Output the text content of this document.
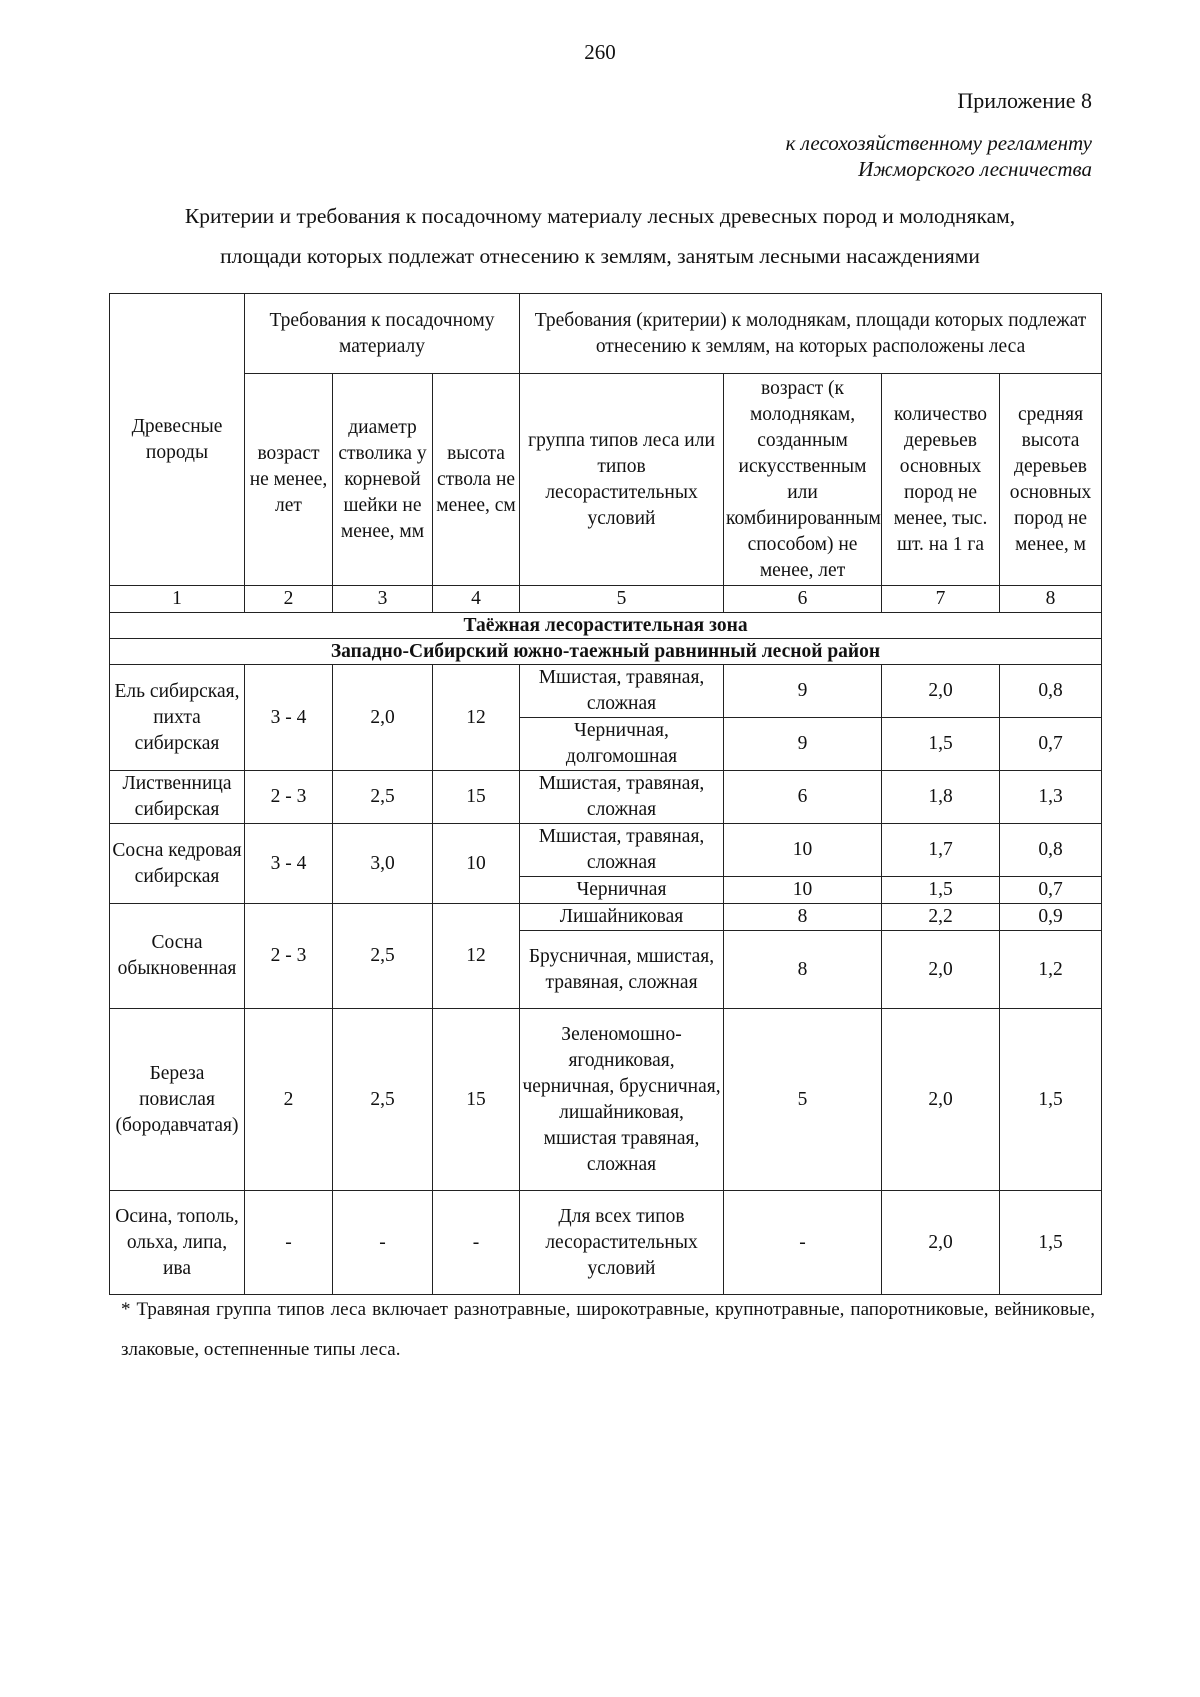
260
Приложение 8
к лесохозяйственному регламенту
Ижморского лесничества
Критерии и требования к посадочному материалу лесных древесных пород и молоднякам,
площади которых подлежат отнесению к землям, занятым лесными насаждениями
Древесные породы	Требования к посадочному материалу			Требования (критерии) к молоднякам, площади которых подлежат отнесению к землям, на которых расположены леса			
	возраст не менее, лет	диаметр стволика у корневой шейки не менее, мм	высота ствола не менее, см	группа типов леса или типов лесорастительных условий	возраст (к молоднякам, созданным искусственным или комбинированным способом) не менее, лет	количество деревьев основных пород не менее, тыс. шт. на 1 га	средняя высота деревьев основных пород не менее, м
1	2	3	4	5	6	7	8
Таёжная лесорастительная зона							
Западно-Сибирский южно-таежный равнинный лесной район							
Ель сибирская, пихта сибирская	3 - 4	2,0	12	Мшистая, травяная, сложная	9	2,0	0,8
				Черничная, долгомошная	9	1,5	0,7
Лиственница сибирская	2 - 3	2,5	15	Мшистая, травяная, сложная	6	1,8	1,3
Сосна кедровая сибирская	3 - 4	3,0	10	Мшистая, травяная, сложная	10	1,7	0,8
				Черничная	10	1,5	0,7
Сосна обыкновенная	2 - 3	2,5	12	Лишайниковая	8	2,2	0,9
				Брусничная, мшистая, травяная, сложная	8	2,0	1,2
Береза повислая (бородавчатая)	2	2,5	15	Зеленомошно-ягодниковая, черничная, брусничная, лишайниковая, мшистая травяная, сложная	5	2,0	1,5
Осина, тополь, ольха, липа, ива	-	-	-	Для всех типов лесорастительных условий	-	2,0	1,5
* Травяная группа типов леса включает разнотравные, широкотравные, крупнотравные, папоротниковые, вейниковые, злаковые, остепненные типы леса.
